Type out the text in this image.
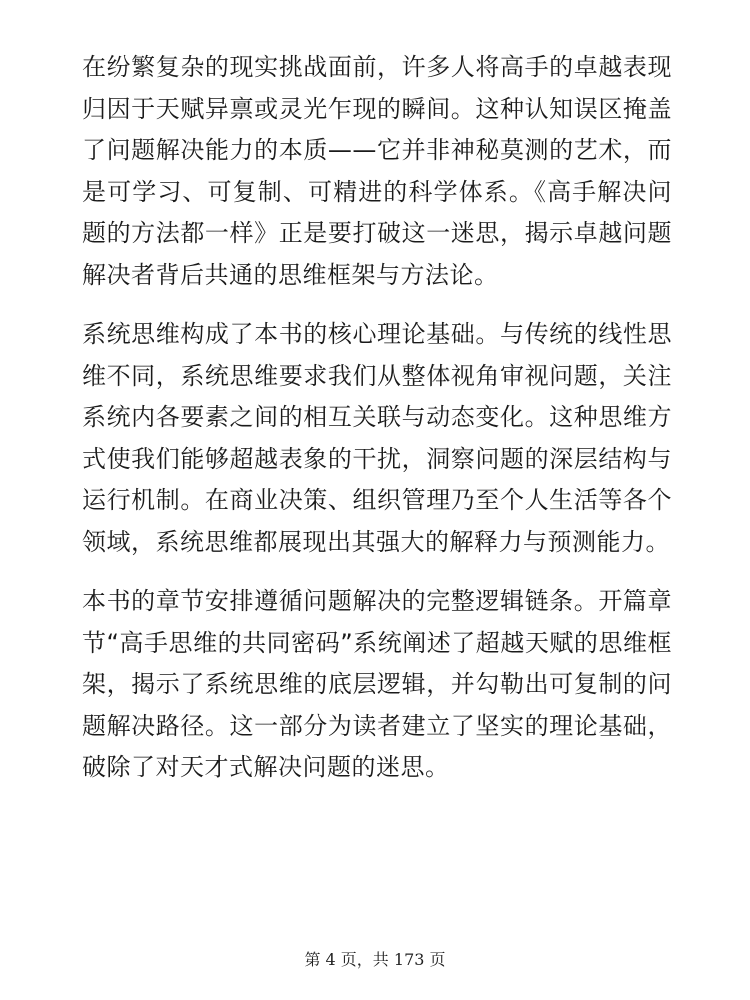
在纷繁复杂的现实挑战面前，许多人将高手的卓越表现归因于天赋异禀或灵光乍现的瞬间。这种认知误区掩盖了问题解决能力的本质——它并非神秘莫测的艺术，而是可学习、可复制、可精进的科学体系。《高手解决问题的方法都一样》正是要打破这一迷思，揭示卓越问题解决者背后共通的思维框架与方法论。

系统思维构成了本书的核心理论基础。与传统的线性思维不同，系统思维要求我们从整体视角审视问题，关注系统内各要素之间的相互关联与动态变化。这种思维方式使我们能够超越表象的干扰，洞察问题的深层结构与运行机制。在商业决策、组织管理乃至个人生活等各个领域，系统思维都展现出其强大的解释力与预测能力。

本书的章节安排遵循问题解决的完整逻辑链条。开篇章节“高手思维的共同密码”系统阐述了超越天赋的思维框架，揭示了系统思维的底层逻辑，并勾勒出可复制的问题解决路径。这一部分为读者建立了坚实的理论基础，破除了对天才式解决问题的迷思。

第 4 页，共 173 页
